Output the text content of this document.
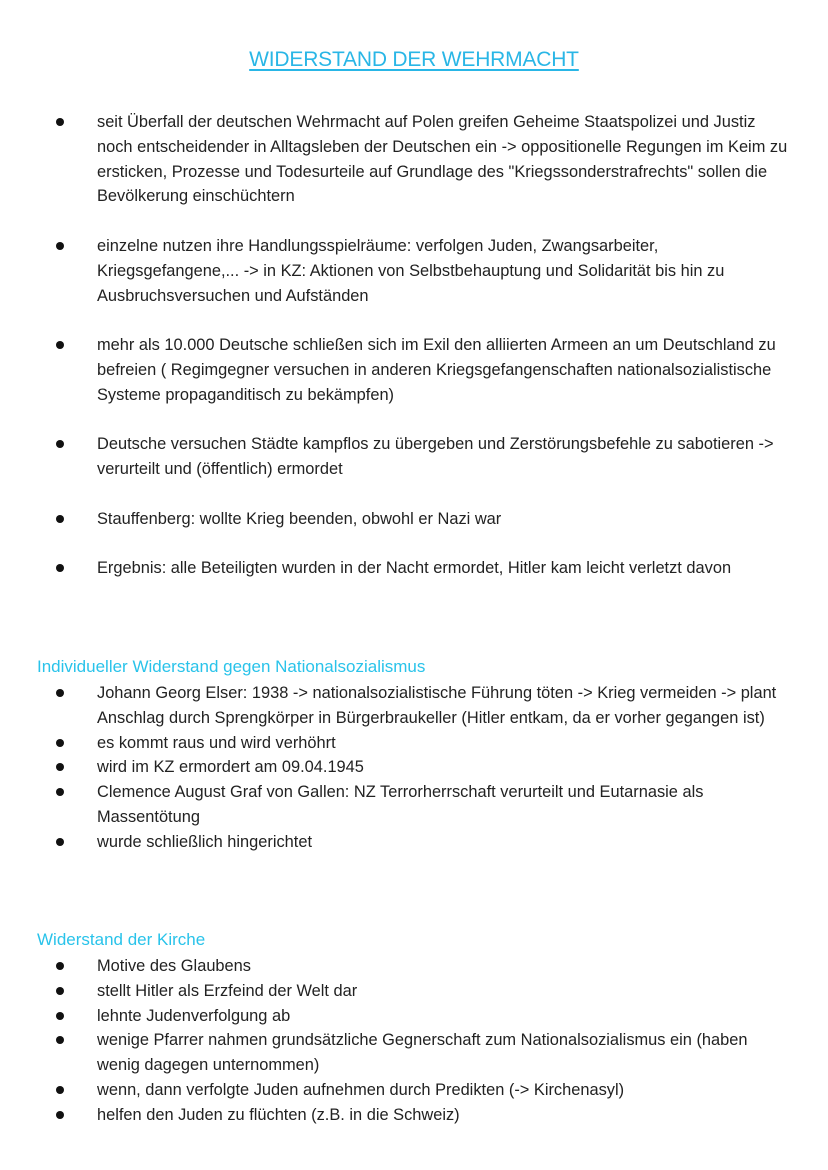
WIDERSTAND DER WEHRMACHT
seit Überfall der deutschen Wehrmacht auf Polen greifen Geheime Staatspolizei und Justiz noch entscheidender in Alltagsleben der Deutschen ein -> oppositionelle Regungen im Keim zu ersticken, Prozesse und Todesurteile auf Grundlage des "Kriegssonderstrafrechts" sollen die Bevölkerung einschüchtern
einzelne nutzen ihre Handlungsspielräume: verfolgen Juden, Zwangsarbeiter, Kriegsgefangene,... -> in KZ: Aktionen von Selbstbehauptung und Solidarität bis hin zu Ausbruchsversuchen und Aufständen
mehr als 10.000 Deutsche schließen sich im Exil den alliierten Armeen an um Deutschland zu befreien ( Regimgegner versuchen in anderen Kriegsgefangenschaften nationalsozialistische Systeme propaganditisch zu bekämpfen)
Deutsche versuchen Städte kampflos zu übergeben und Zerstörungsbefehle zu sabotieren -> verurteilt und (öffentlich) ermordet
Stauffenberg: wollte Krieg beenden, obwohl er Nazi war
Ergebnis: alle Beteiligten wurden in der Nacht ermordet, Hitler kam leicht verletzt davon
Individueller Widerstand gegen Nationalsozialismus
Johann Georg Elser: 1938 -> nationalsozialistische Führung töten -> Krieg vermeiden -> plant Anschlag durch Sprengkörper in Bürgerbraukeller (Hitler entkam, da er vorher gegangen ist)
es kommt raus und wird verhöhrt
wird im KZ ermordert am 09.04.1945
Clemence August Graf von Gallen: NZ Terrorherrschaft verurteilt und Eutarnasie als Massentötung
wurde schließlich hingerichtet
Widerstand der Kirche
Motive des Glaubens
stellt Hitler als Erzfeind der Welt dar
lehnte Judenverfolgung ab
wenige Pfarrer nahmen grundsätzliche Gegnerschaft zum Nationalsozialismus ein (haben wenig dagegen unternommen)
wenn, dann verfolgte Juden aufnehmen durch Predikten (-> Kirchenasyl)
helfen den Juden zu flüchten (z.B. in die Schweiz)
